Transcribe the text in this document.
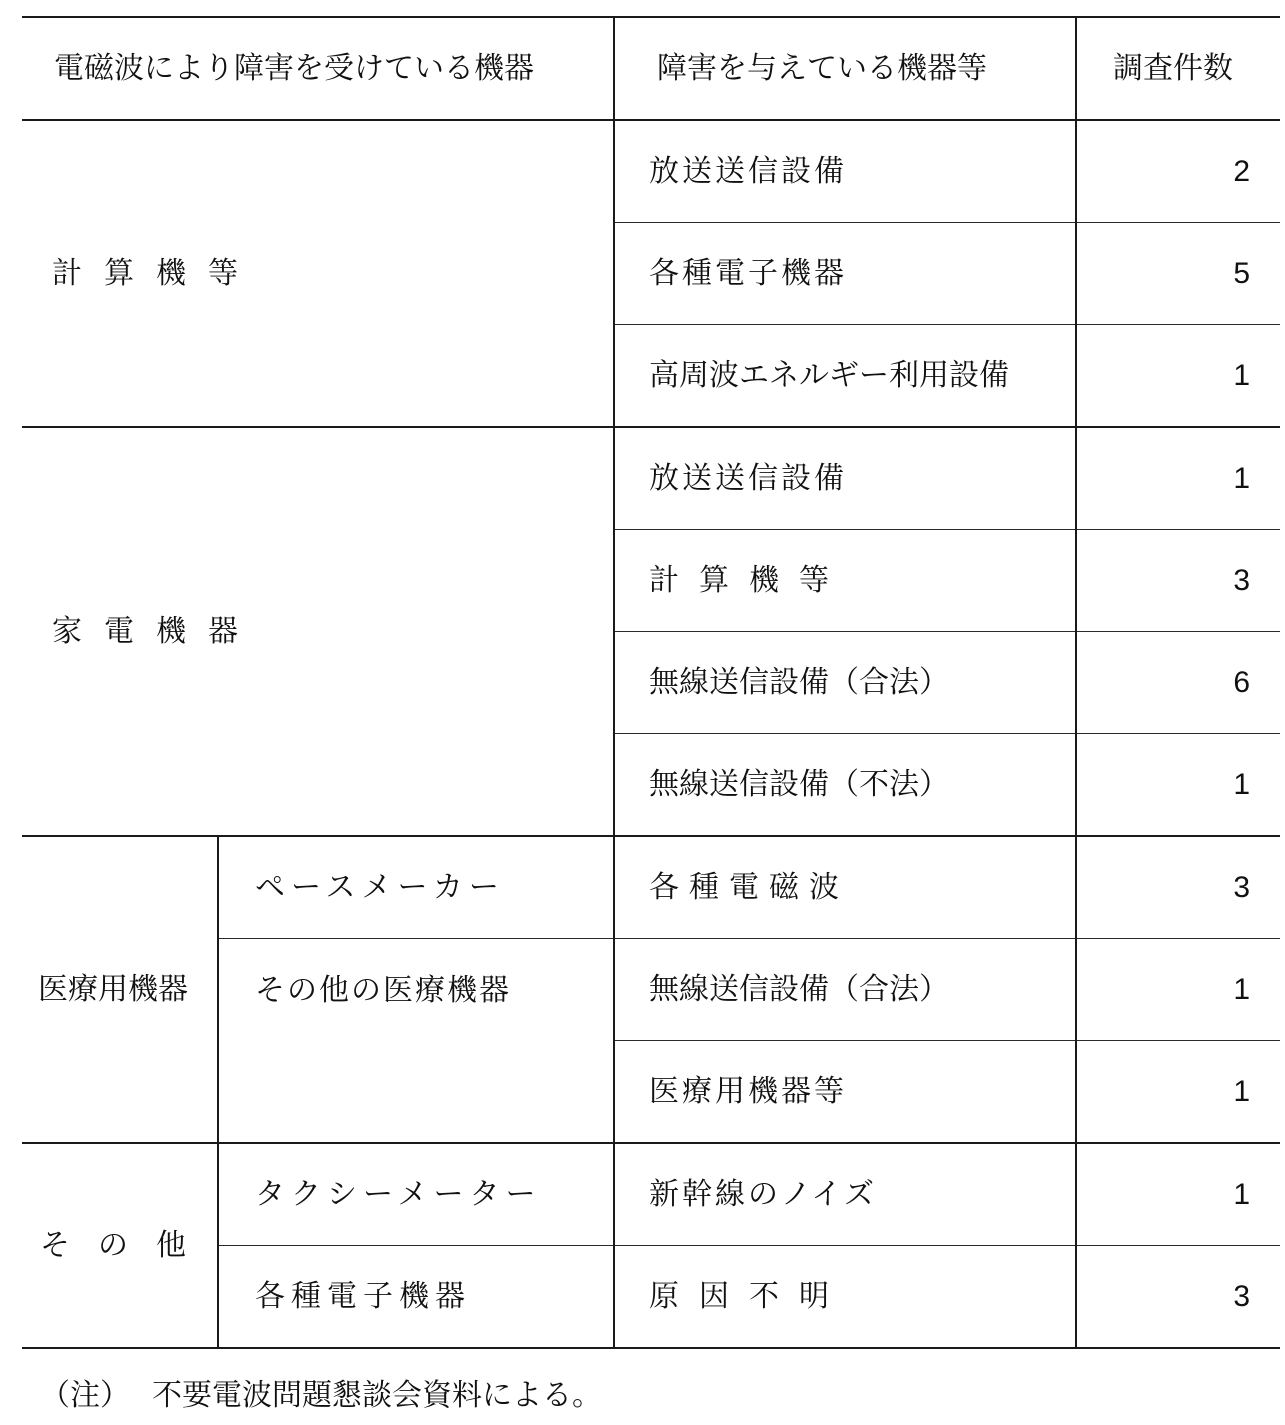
電磁波により障害を受けている機器		障害を与えている機器等	調査件数
計算機等		放送送信設備	2
		各種電子機器	5
		高周波エネルギー利用設備	1
家電機器		放送送信設備	1
		計算機等	3
		無線送信設備（合法）	6
		無線送信設備（不法）	1
医療用機器	ペースメーカー	各種電磁波	3
	その他の医療機器	無線送信設備（合法）	1
		医療用機器等	1
その他	タクシーメーター	新幹線のノイズ	1
	各種電子機器	原因不明	3
（注） 不要電波問題懇談会資料による。
